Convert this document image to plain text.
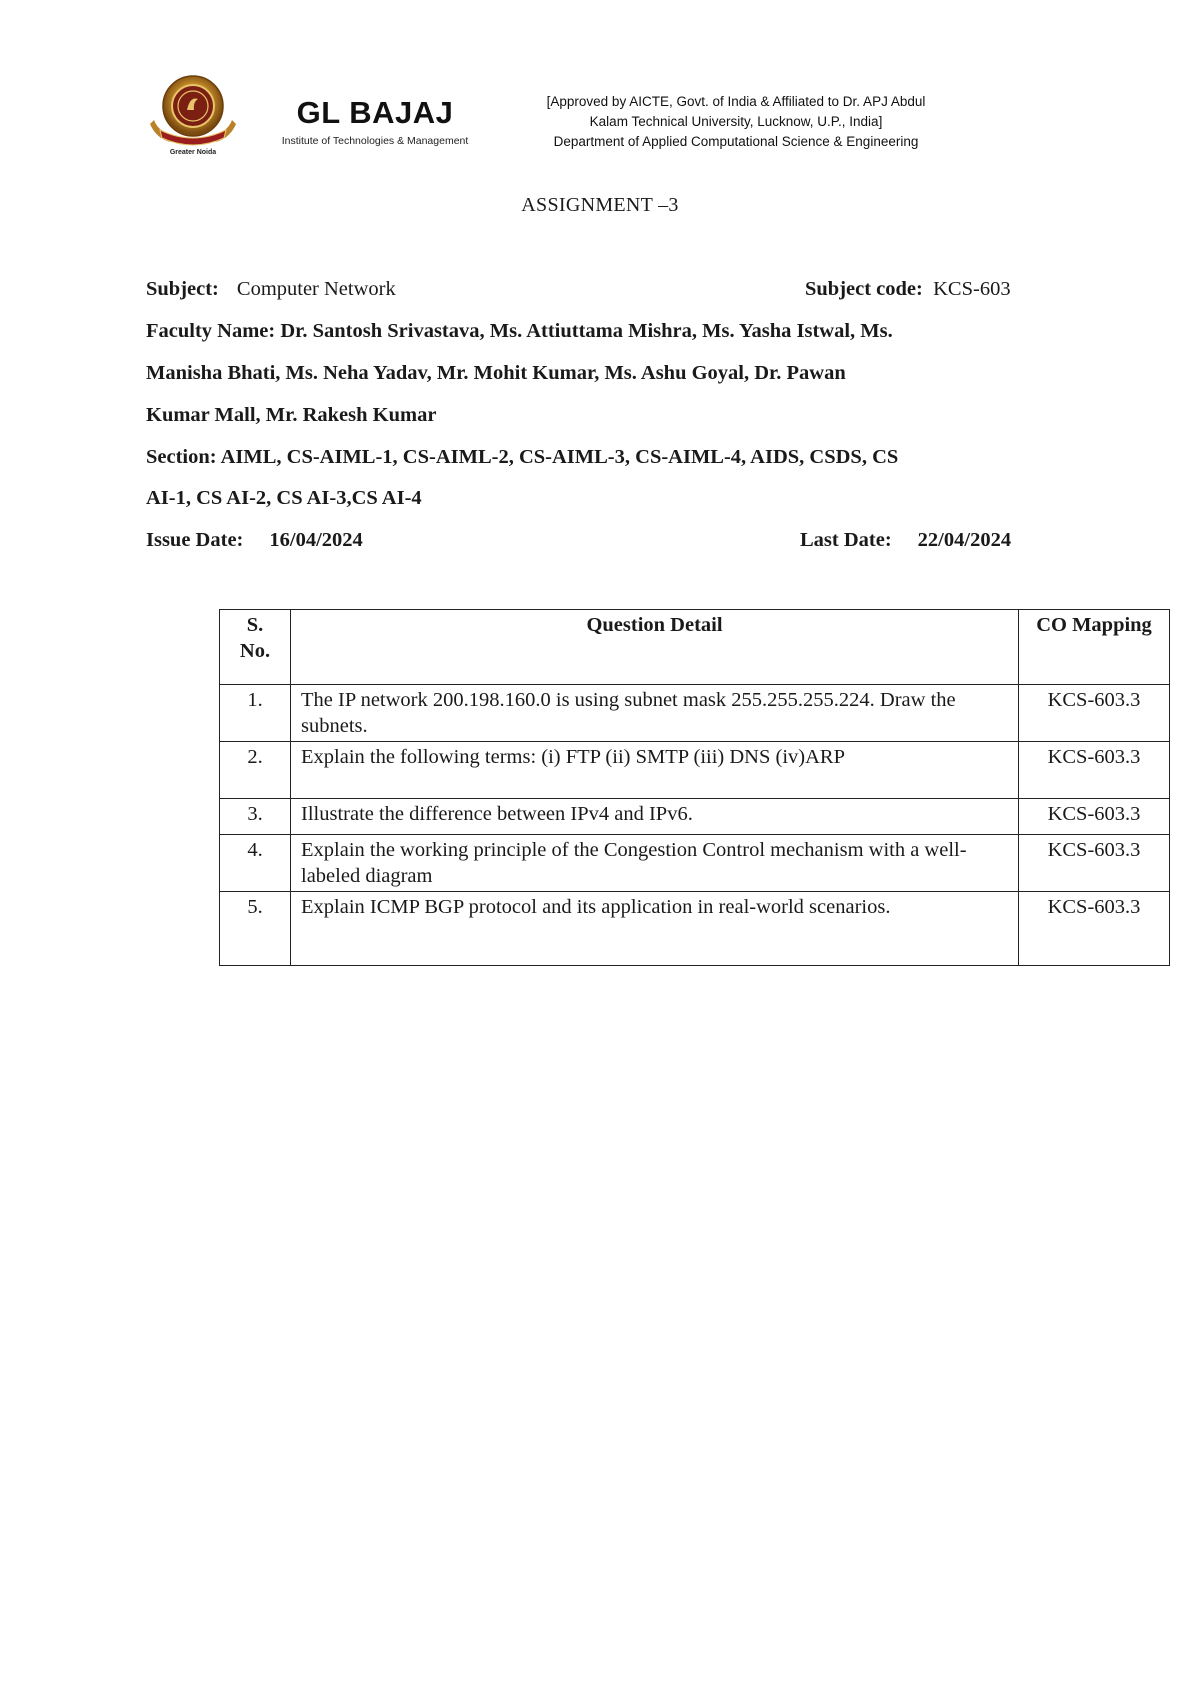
Greater Noida
GL BAJAJ
Institute of Technologies & Management
[Approved by AICTE, Govt. of India & Affiliated to Dr. APJ Abdul
Kalam Technical University, Lucknow, U.P., India]
Department of Applied Computational Science & Engineering
ASSIGNMENT –3
Subject: Computer Network	Subject code: KCS-603
Faculty Name: Dr. Santosh Srivastava, Ms. Attiuttama Mishra, Ms. Yasha Istwal, Ms.
Manisha Bhati, Ms. Neha Yadav, Mr. Mohit Kumar, Ms. Ashu Goyal, Dr. Pawan
Kumar Mall, Mr. Rakesh Kumar
Section: AIML, CS-AIML-1, CS-AIML-2, CS-AIML-3, CS-AIML-4, AIDS, CSDS, CS
AI-1, CS AI-2, CS AI-3,CS AI-4
Issue Date: 16/04/2024	Last Date: 22/04/2024
S. No.	Question Detail	CO Mapping
1.	The IP network 200.198.160.0 is using subnet mask 255.255.255.224. Draw the subnets.	KCS-603.3
2.	Explain the following terms: (i) FTP (ii) SMTP (iii) DNS (iv)ARP	KCS-603.3
3.	Illustrate the difference between IPv4 and IPv6.	KCS-603.3
4.	Explain the working principle of the Congestion Control mechanism with a well-labeled diagram	KCS-603.3
5.	Explain ICMP BGP protocol and its application in real-world scenarios.	KCS-603.3
